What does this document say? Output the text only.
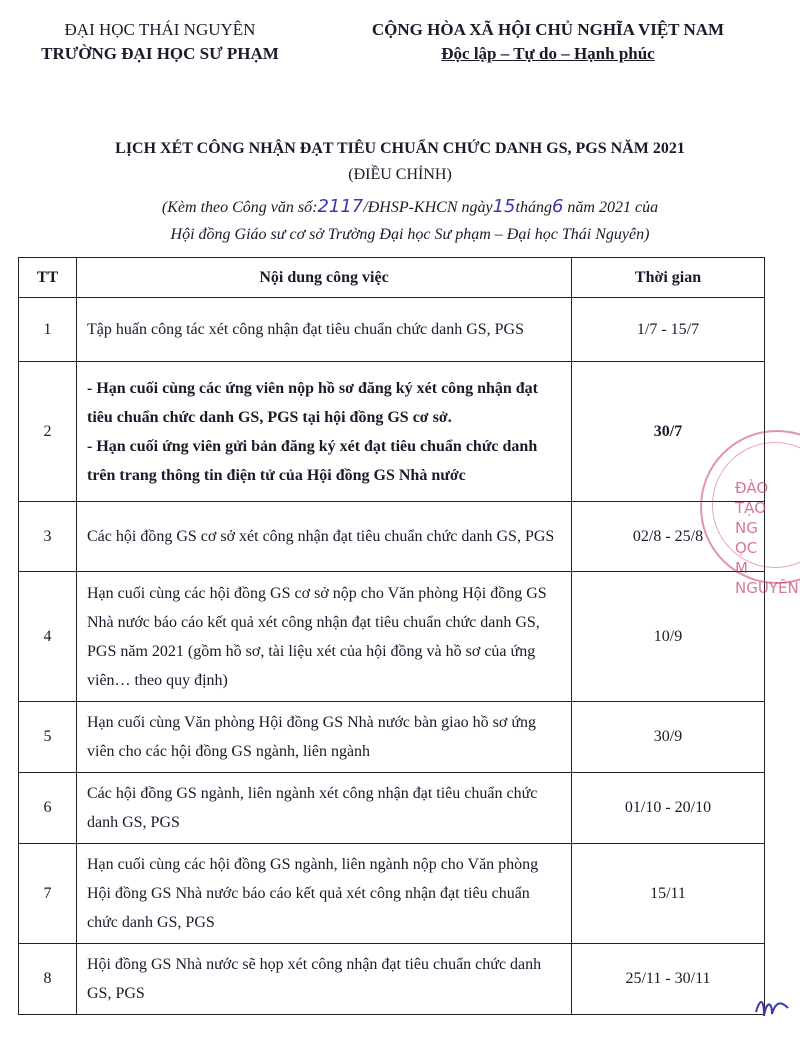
ĐẠI HỌC THÁI NGUYÊN
TRƯỜNG ĐẠI HỌC SƯ PHẠM
CỘNG HÒA XÃ HỘI CHỦ NGHĨA VIỆT NAM
Độc lập – Tự do – Hạnh phúc
LỊCH XÉT CÔNG NHẬN ĐẠT TIÊU CHUẨN CHỨC DANH GS, PGS NĂM 2021
(ĐIỀU CHỈNH)
(Kèm theo Công văn số:2117/ĐHSP-KHCN ngày15tháng6 năm 2021 của
Hội đồng Giáo sư cơ sở Trường Đại học Sư phạm – Đại học Thái Nguyên)
TT	Nội dung công việc	Thời gian
1	Tập huấn công tác xét công nhận đạt tiêu chuẩn chức danh GS, PGS	1/7 - 15/7
2	- Hạn cuối cùng các ứng viên nộp hồ sơ đăng ký xét công nhận đạt tiêu chuẩn chức danh GS, PGS tại hội đồng GS cơ sở.
- Hạn cuối ứng viên gửi bản đăng ký xét đạt tiêu chuẩn chức danh trên trang thông tin điện tử của Hội đồng GS Nhà nước	30/7
3	Các hội đồng GS cơ sở xét công nhận đạt tiêu chuẩn chức danh GS, PGS	02/8 - 25/8
4	Hạn cuối cùng các hội đồng GS cơ sở nộp cho Văn phòng Hội đồng GS Nhà nước báo cáo kết quả xét công nhận đạt tiêu chuẩn chức danh GS, PGS năm 2021 (gồm hồ sơ, tài liệu xét của hội đồng và hồ sơ của ứng viên… theo quy định)	10/9
5	Hạn cuối cùng Văn phòng Hội đồng GS Nhà nước bàn giao hồ sơ ứng viên cho các hội đồng GS ngành, liên ngành	30/9
6	Các hội đồng GS ngành, liên ngành xét công nhận đạt tiêu chuẩn chức danh GS, PGS	01/10 - 20/10
7	Hạn cuối cùng các hội đồng GS ngành, liên ngành nộp cho Văn phòng Hội đồng GS Nhà nước báo cáo kết quả xét công nhận đạt tiêu chuẩn chức danh GS, PGS	15/11
8	Hội đồng GS Nhà nước sẽ họp xét công nhận đạt tiêu chuẩn chức danh GS, PGS	25/11 - 30/11
ĐÀO TẠO
NG
ỌC
M
NGUYÊN
